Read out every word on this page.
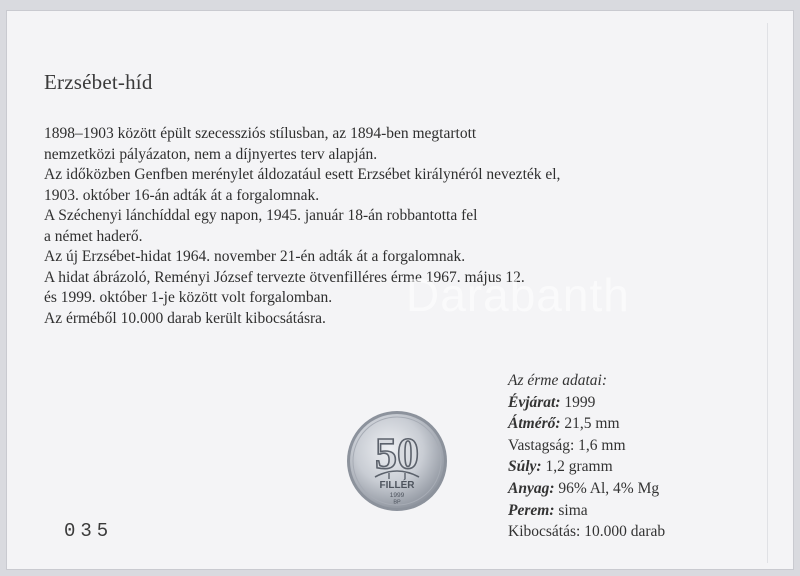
Erzsébet-híd
1898–1903 között épült szecessziós stílusban, az 1894-ben megtartott
nemzetközi pályázaton, nem a díjnyertes terv alapján.
Az időközben Genfben merénylet áldozatául esett Erzsébet királynéról nevezték el,
1903. október 16-án adták át a forgalomnak.
A Széchenyi lánchíddal egy napon, 1945. január 18-án robbantotta fel
a német haderő.
Az új Erzsébet-hidat 1964. november 21-én adták át a forgalomnak.
A hidat ábrázoló, Reményi József tervezte ötvenfilléres érme 1967. május 12.
és 1999. október 1-je között volt forgalomban.
Az érméből 10.000 darab került kibocsátásra.	Darabanth
Az érme adatai:
Évjárat: 1999
Átmérő: 21,5 mm
Vastagság: 1,6 mm
Súly: 1,2 gramm
Anyag: 96% Al, 4% Mg
Perem: sima
Kibocsátás: 10.000 darab
035
50
FILLÉR
1999
BP
